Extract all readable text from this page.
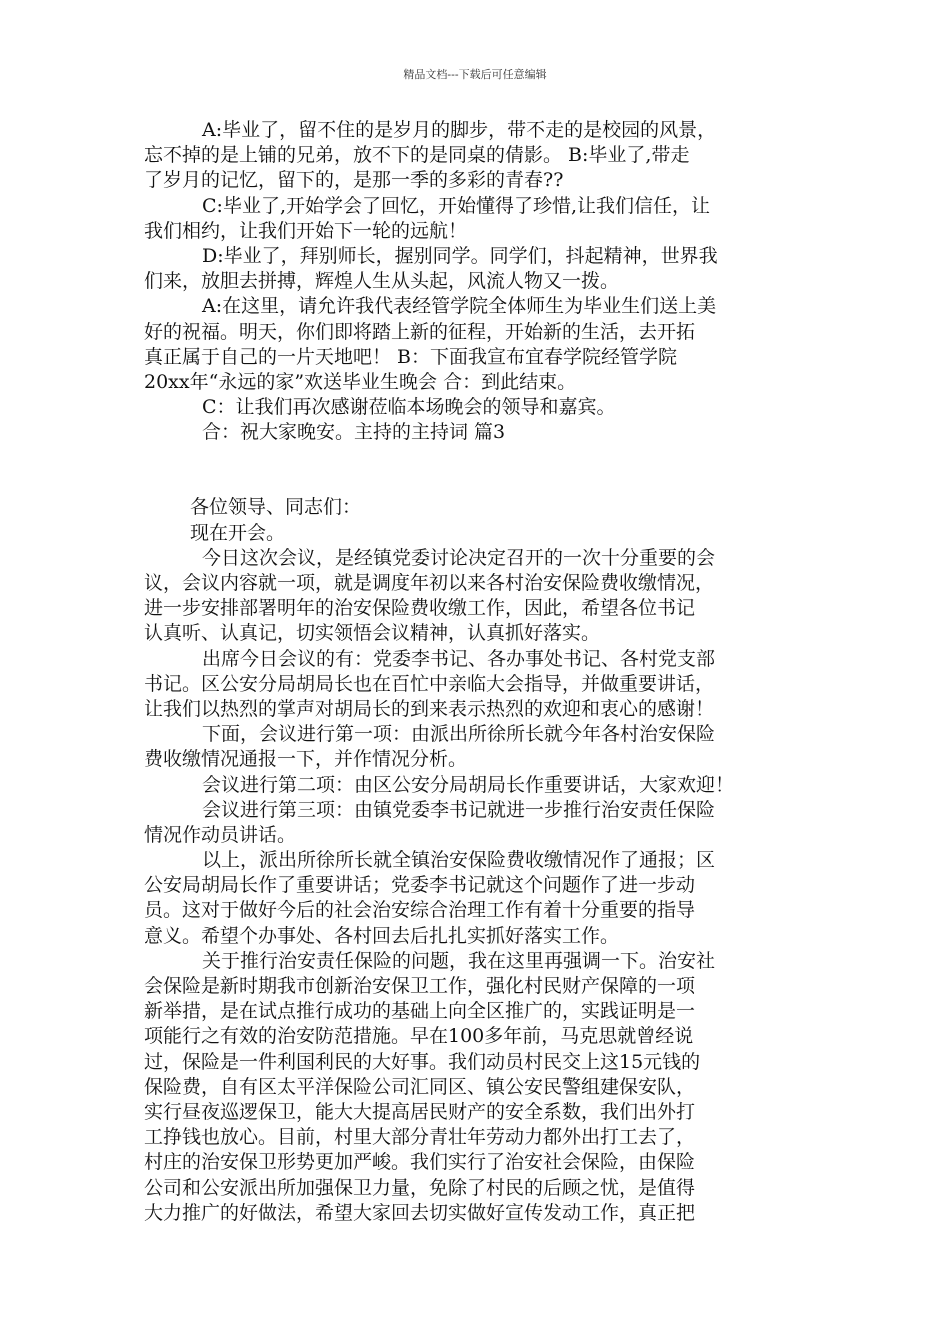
精品文档---下载后可任意编辑
A:毕业了，留不住的是岁月的脚步，带不走的是校园的风景，
忘不掉的是上铺的兄弟，放不下的是同桌的倩影。 B:毕业了,带走
了岁月的记忆，留下的，是那一季的多彩的青春??
C:毕业了,开始学会了回忆，开始懂得了珍惜,让我们信任，让
我们相约，让我们开始下一轮的远航！
D:毕业了，拜别师长，握别同学。同学们，抖起精神，世界我
们来，放胆去拼搏，辉煌人生从头起，风流人物又一拨。
A:在这里，请允许我代表经管学院全体师生为毕业生们送上美
好的祝福。明天，你们即将踏上新的征程，开始新的生活，去开拓
真正属于自己的一片天地吧！ B：下面我宣布宜春学院经管学院
20xx年“永远的家”欢送毕业生晚会 合：到此结束。
C：让我们再次感谢莅临本场晚会的领导和嘉宾。
合：祝大家晚安。主持的主持词 篇3
各位领导、同志们：
现在开会。
今日这次会议，是经镇党委讨论决定召开的一次十分重要的会
议，会议内容就一项，就是调度年初以来各村治安保险费收缴情况，
进一步安排部署明年的治安保险费收缴工作，因此，希望各位书记
认真听、认真记，切实领悟会议精神，认真抓好落实。
出席今日会议的有：党委李书记、各办事处书记、各村党支部
书记。区公安分局胡局长也在百忙中亲临大会指导，并做重要讲话，
让我们以热烈的掌声对胡局长的到来表示热烈的欢迎和衷心的感谢！
下面，会议进行第一项：由派出所徐所长就今年各村治安保险
费收缴情况通报一下，并作情况分析。
会议进行第二项：由区公安分局胡局长作重要讲话，大家欢迎！
会议进行第三项：由镇党委李书记就进一步推行治安责任保险
情况作动员讲话。
以上，派出所徐所长就全镇治安保险费收缴情况作了通报；区
公安局胡局长作了重要讲话；党委李书记就这个问题作了进一步动
员。这对于做好今后的社会治安综合治理工作有着十分重要的指导
意义。希望个办事处、各村回去后扎扎实抓好落实工作。
关于推行治安责任保险的问题，我在这里再强调一下。治安社
会保险是新时期我市创新治安保卫工作，强化村民财产保障的一项
新举措，是在试点推行成功的基础上向全区推广的，实践证明是一
项能行之有效的治安防范措施。早在100多年前，马克思就曾经说
过，保险是一件利国利民的大好事。我们动员村民交上这15元钱的
保险费，自有区太平洋保险公司汇同区、镇公安民警组建保安队，
实行昼夜巡逻保卫，能大大提高居民财产的安全系数，我们出外打
工挣钱也放心。目前，村里大部分青壮年劳动力都外出打工去了，
村庄的治安保卫形势更加严峻。我们实行了治安社会保险，由保险
公司和公安派出所加强保卫力量，免除了村民的后顾之忧，是值得
大力推广的好做法，希望大家回去切实做好宣传发动工作，真正把
